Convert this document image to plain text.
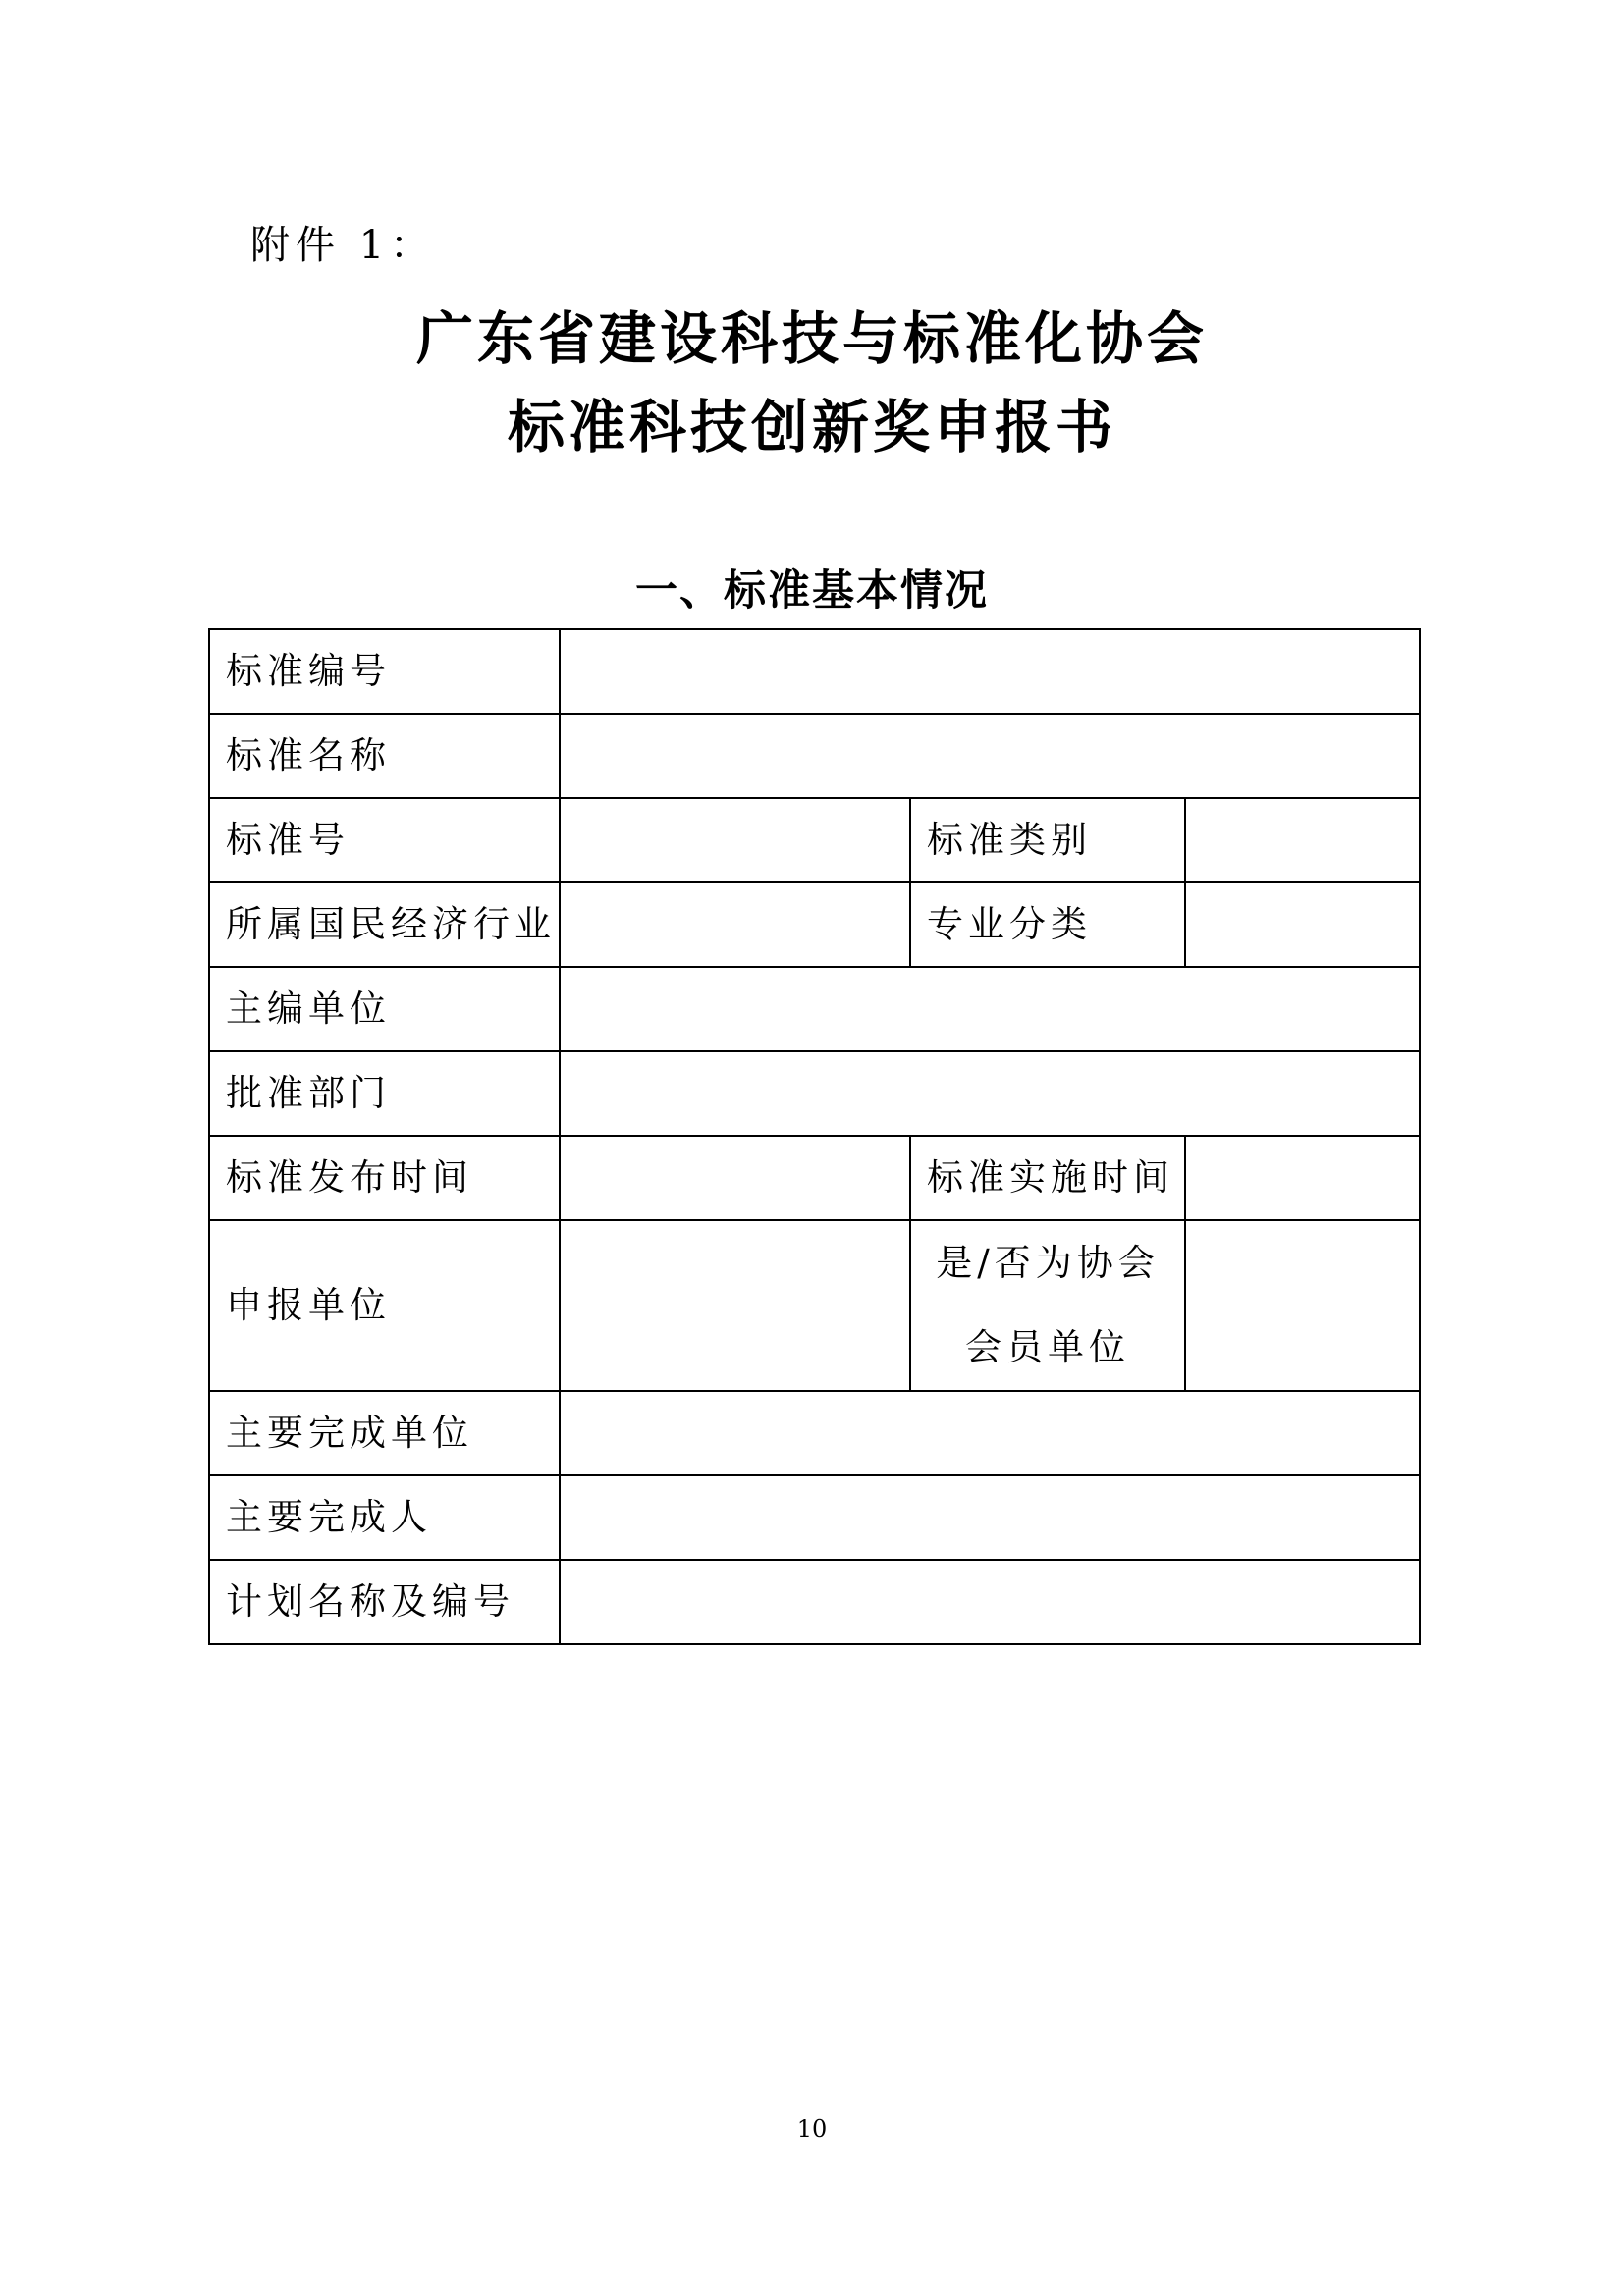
附件 1：
广东省建设科技与标准化协会
标准科技创新奖申报书
一、标准基本情况
标准编号			
标准名称			
标准号		标准类别	
所属国民经济行业		专业分类	
主编单位			
批准部门			
标准发布时间		标准实施时间	
申报单位		是/否为协会
会员单位	
主要完成单位			
主要完成人			
计划名称及编号			
10
